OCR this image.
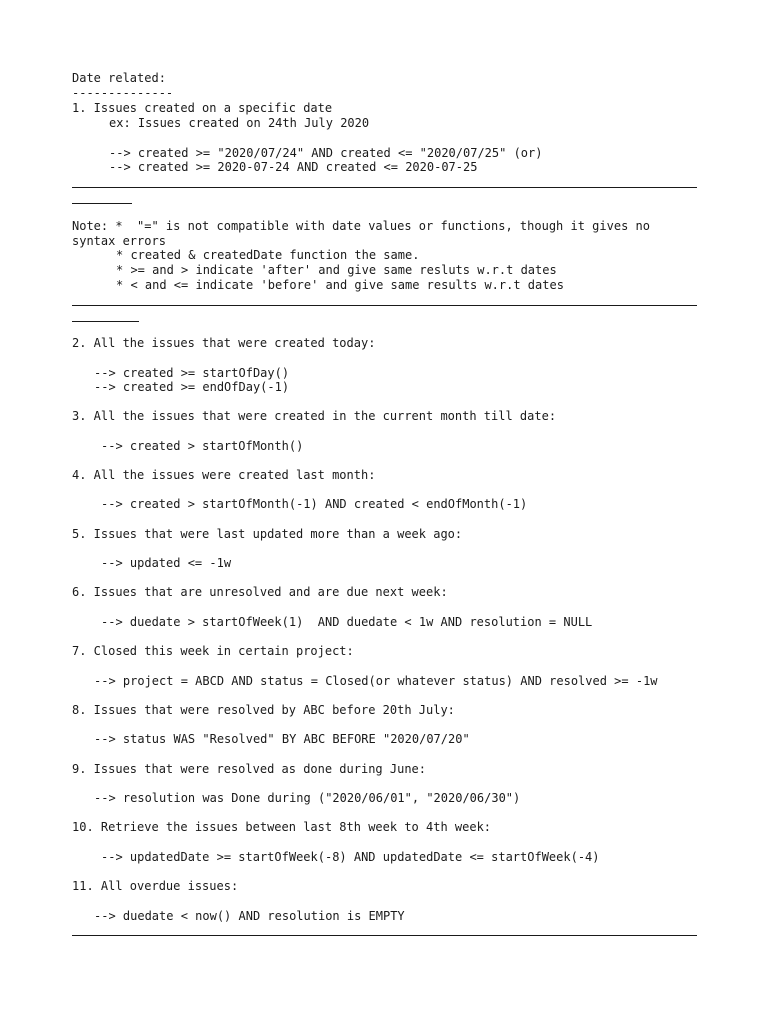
Date related:
--------------
1. Issues created on a specific date
ex: Issues created on 24th July 2020
--> created >= "2020/07/24" AND created <= "2020/07/25" (or)
--> created >= 2020-07-24 AND created <= 2020-07-25
Note: *  "=" is not compatible with date values or functions, though it gives no
syntax errors
* created & createdDate function the same.
* >= and > indicate 'after' and give same resluts w.r.t dates
* < and <= indicate 'before' and give same results w.r.t dates
2. All the issues that were created today:
--> created >= startOfDay()
--> created >= endOfDay(-1)
3. All the issues that were created in the current month till date:
--> created > startOfMonth()
4. All the issues were created last month:
--> created > startOfMonth(-1) AND created < endOfMonth(-1)
5. Issues that were last updated more than a week ago:
--> updated <= -1w
6. Issues that are unresolved and are due next week:
--> duedate > startOfWeek(1)  AND duedate < 1w AND resolution = NULL
7. Closed this week in certain project:
--> project = ABCD AND status = Closed(or whatever status) AND resolved >= -1w
8. Issues that were resolved by ABC before 20th July:
--> status WAS "Resolved" BY ABC BEFORE "2020/07/20"
9. Issues that were resolved as done during June:
--> resolution was Done during ("2020/06/01", "2020/06/30")
10. Retrieve the issues between last 8th week to 4th week:
--> updatedDate >= startOfWeek(-8) AND updatedDate <= startOfWeek(-4)
11. All overdue issues:
--> duedate < now() AND resolution is EMPTY
